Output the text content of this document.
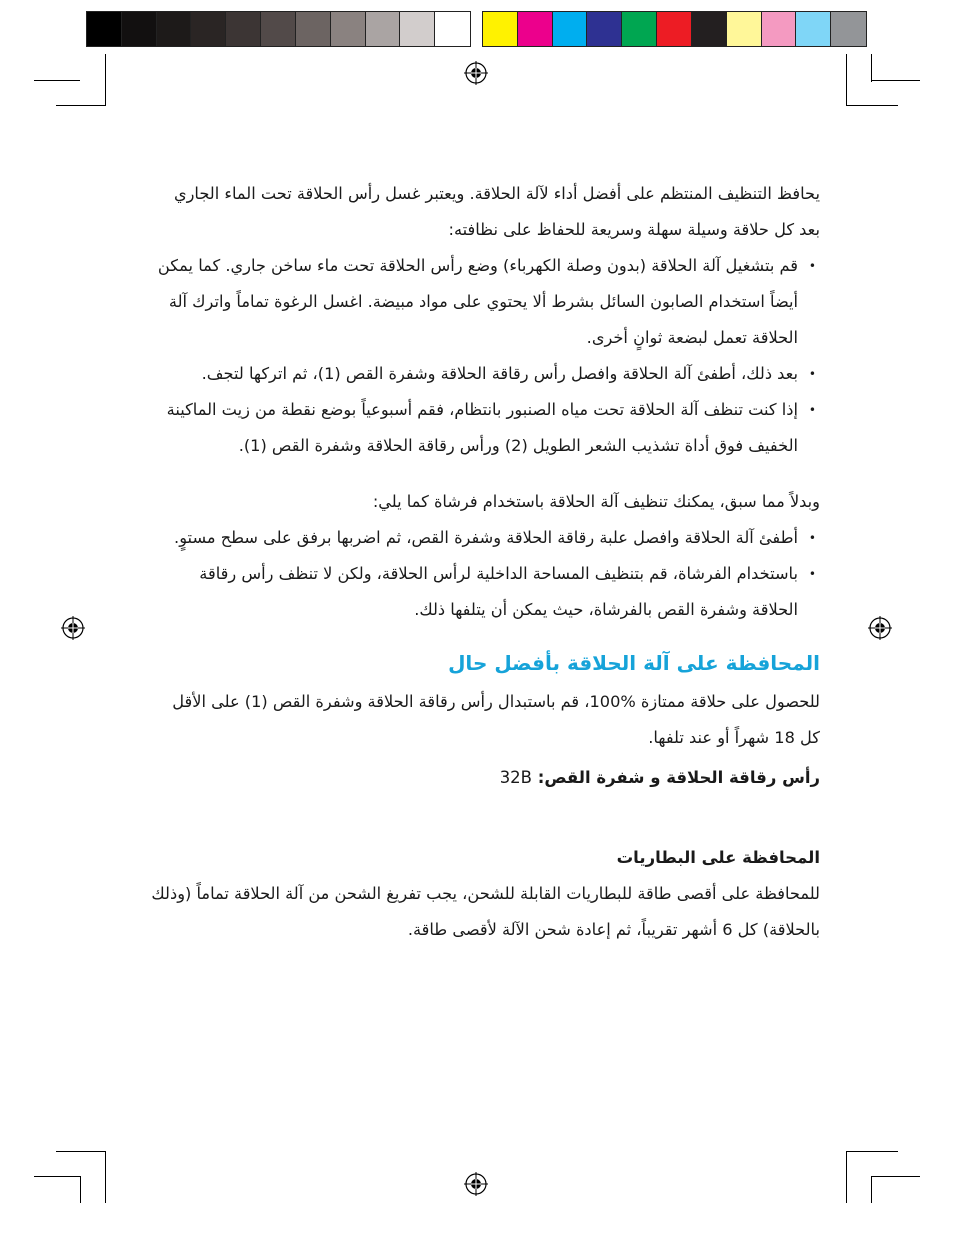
يحافظ التنظيف المنتظم على أفضل أداء لآلة الحلاقة. ويعتبر غسل رأس الحلاقة تحت الماء الجاري بعد كل حلاقة وسيلة سهلة وسريعة للحفاظ على نظافته:

•
قم بتشغيل آلة الحلاقة (بدون وصلة الكهرباء) وضع رأس الحلاقة تحت ماء ساخن جاري. كما يمكن أيضاً استخدام الصابون السائل بشرط ألا يحتوي على مواد مبيضة. اغسل الرغوة تماماً واترك آلة الحلاقة تعمل لبضعة ثوانٍ أخرى.
•
بعد ذلك، أطفئ آلة الحلاقة وافصل رأس رقاقة الحلاقة وشفرة القص (1)، ثم اتركها لتجف.
•
إذا كنت تنظف آلة الحلاقة تحت مياه الصنبور بانتظام، فقم أسبوعياً بوضع نقطة من زيت الماكينة الخفيف فوق أداة تشذيب الشعر الطويل (2) ورأس رقاقة الحلاقة وشفرة القص (1).

وبدلاً مما سبق، يمكنك تنظيف آلة الحلاقة باستخدام فرشاة كما يلي:

•
أطفئ آلة الحلاقة وافصل علبة رقاقة الحلاقة وشفرة القص، ثم اضربها برفق على سطح مستوٍ.
•
باستخدام الفرشاة، قم بتنظيف المساحة الداخلية لرأس الحلاقة، ولكن لا تنظف رأس رقاقة الحلاقة وشفرة القص بالفرشاة، حيث يمكن أن يتلفها ذلك.
المحافظة على آلة الحلاقة بأفضل حال

للحصول على حلاقة ممتازة %100، قم باستبدال رأس رقاقة الحلاقة وشفرة القص (1) على الأقل كل 18 شهراً أو عند تلفها.

رأس رقاقة الحلاقة و شفرة القص: 32B

المحافظة على البطاريات

للمحافظة على أقصى طاقة للبطاريات القابلة للشحن، يجب تفريغ الشحن من آلة الحلاقة تماماً (وذلك بالحلاقة) كل 6 أشهر تقريباً، ثم إعادة شحن الآلة لأقصى طاقة.
